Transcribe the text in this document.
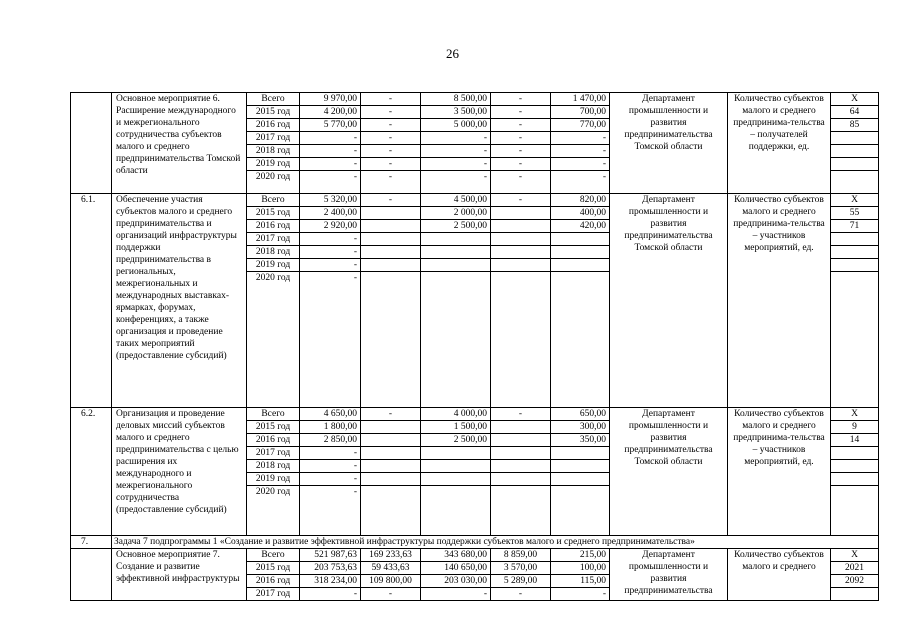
26
	Основное мероприятие 6. Расширение международного и межрегионального сотрудничества субъектов малого и среднего предпринимательства Томской области	Всего	9 970,00	-	8 500,00	-	1 470,00	Департамент промышленности и развития предпринимательства Томской области	Количество субъектов малого и среднего предпринима-тельства – получателей поддержки, ед.	X
		2015 год	4 200,00	-	3 500,00	-	700,00			64
		2016 год	5 770,00	-	5 000,00	-	770,00			85
		2017 год	-	-	-	-	-			
		2018 год	-	-	-	-	-			
		2019 год	-	-	-	-	-			
		2020 год	-	-	-	-	-			
6.1.	Обеспечение участия субъектов малого и среднего предпринимательства и организаций инфраструктуры поддержки предпринимательства в региональных, межрегиональных и международных выставках-ярмарках, форумах, конференциях, а также организация и проведение таких мероприятий (предоставление субсидий)	Всего	5 320,00	-	4 500,00	-	820,00	Департамент промышленности и развития предпринимательства Томской области	Количество субъектов малого и среднего предпринима-тельства – участников мероприятий, ед.	X
		2015 год	2 400,00		2 000,00		400,00			55
		2016 год	2 920,00		2 500,00		420,00			71
		2017 год	-							
		2018 год	-							
		2019 год	-							
		2020 год	-							
6.2.	Организация и проведение деловых миссий субъектов малого и среднего предпринимательства с целью расширения их международного и межрегионального сотрудничества (предоставление субсидий)	Всего	4 650,00	-	4 000,00	-	650,00	Департамент промышленности и развития предпринимательства Томской области	Количество субъектов малого и среднего предпринима-тельства – участников мероприятий, ед.	X
		2015 год	1 800,00		1 500,00		300,00			9
		2016 год	2 850,00		2 500,00		350,00			14
		2017 год	-							
		2018 год	-							
		2019 год	-							
		2020 год	-							
7.	Задача 7 подпрограммы 1 «Создание и развитие эффективной инфраструктуры поддержки субъектов малого и среднего предпринимательства»									
	Основное мероприятие 7. Создание и развитие эффективной инфраструктуры	Всего	521 987,63	169 233,63	343 680,00	8 859,00	215,00	Департамент промышленности и развития предпринимательства	Количество субъектов малого и среднего	X
		2015 год	203 753,63	59 433,63	140 650,00	3 570,00	100,00			2021
		2016 год	318 234,00	109 800,00	203 030,00	5 289,00	115,00			2092
		2017 год	-	-	-	-	-			
